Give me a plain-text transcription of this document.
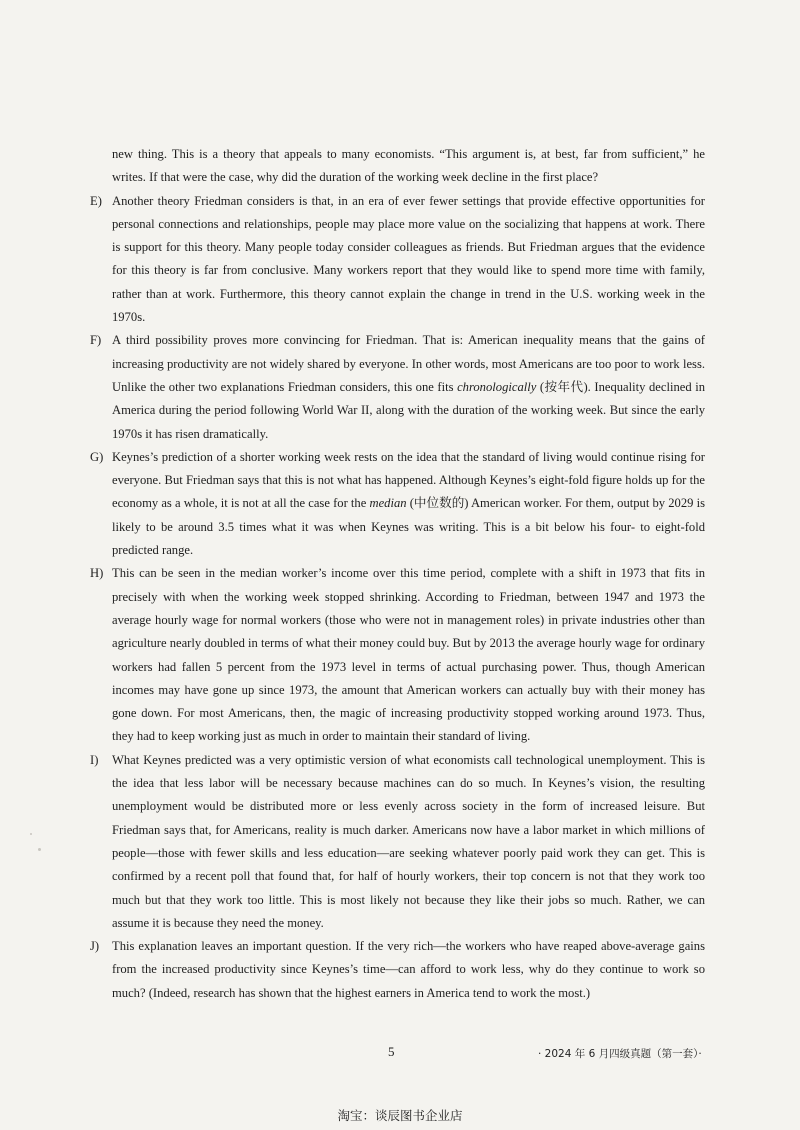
new thing. This is a theory that appeals to many economists. “This argument is, at best, far from sufficient,” he writes. If that were the case, why did the duration of the working week decline in the first place?

E) Another theory Friedman considers is that, in an era of ever fewer settings that provide effective opportunities for personal connections and relationships, people may place more value on the socializing that happens at work. There is support for this theory. Many people today consider colleagues as friends. But Friedman argues that the evidence for this theory is far from conclusive. Many workers report that they would like to spend more time with family, rather than at work. Furthermore, this theory cannot explain the change in trend in the U.S. working week in the 1970s.

F) A third possibility proves more convincing for Friedman. That is: American inequality means that the gains of increasing productivity are not widely shared by everyone. In other words, most Americans are too poor to work less. Unlike the other two explanations Friedman considers, this one fits chronologically (按年代). Inequality declined in America during the period following World War II, along with the duration of the working week. But since the early 1970s it has risen dramatically.

G) Keynes’s prediction of a shorter working week rests on the idea that the standard of living would continue rising for everyone. But Friedman says that this is not what has happened. Although Keynes’s eight-fold figure holds up for the economy as a whole, it is not at all the case for the median (中位数的) American worker. For them, output by 2029 is likely to be around 3.5 times what it was when Keynes was writing. This is a bit below his four- to eight-fold predicted range.

H) This can be seen in the median worker’s income over this time period, complete with a shift in 1973 that fits in precisely with when the working week stopped shrinking. According to Friedman, between 1947 and 1973 the average hourly wage for normal workers (those who were not in management roles) in private industries other than agriculture nearly doubled in terms of what their money could buy. But by 2013 the average hourly wage for ordinary workers had fallen 5 percent from the 1973 level in terms of actual purchasing power. Thus, though American incomes may have gone up since 1973, the amount that American workers can actually buy with their money has gone down. For most Americans, then, the magic of increasing productivity stopped working around 1973. Thus, they had to keep working just as much in order to maintain their standard of living.

I) What Keynes predicted was a very optimistic version of what economists call technological unemployment. This is the idea that less labor will be necessary because machines can do so much. In Keynes’s vision, the resulting unemployment would be distributed more or less evenly across society in the form of increased leisure. But Friedman says that, for Americans, reality is much darker. Americans now have a labor market in which millions of people—those with fewer skills and less education—are seeking whatever poorly paid work they can get. This is confirmed by a recent poll that found that, for half of hourly workers, their top concern is not that they work too much but that they work too little. This is most likely not because they like their jobs so much. Rather, we can assume it is because they need the money.

J) This explanation leaves an important question. If the very rich—the workers who have reaped above-average gains from the increased productivity since Keynes’s time—can afford to work less, why do they continue to work so much? (Indeed, research has shown that the highest earners in America tend to work the most.)

5	· 2024 年 6 月四级真题（第一套）·
淘宝：谈辰图书企业店
